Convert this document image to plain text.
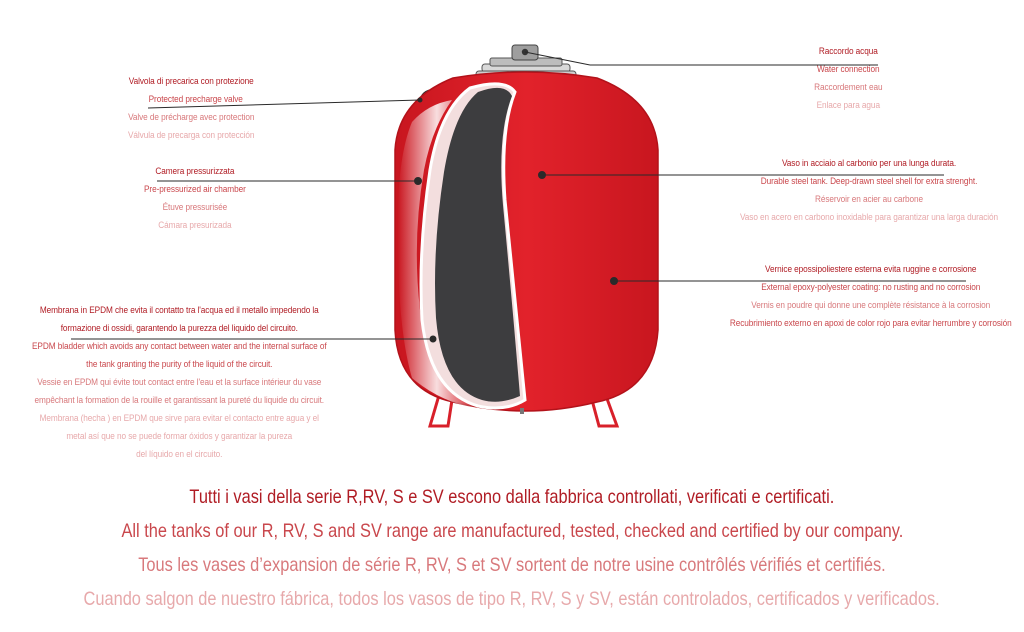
Valvola di precarica con protezione
Protected precharge valve
Valve de précharge avec protection
Válvula de precarga con protección
Raccordo acqua
Water connection
Raccordement eau
Enlace para agua
Camera pressurizzata
Pre-pressurized air chamber
Étuve pressurisée
Cámara presurizada
Vaso in acciaio al carbonio per una lunga durata.
Durable steel tank. Deep-drawn steel shell for extra strenght.
Réservoir en acier au carbone
Vaso en acero en carbono inoxidable para garantizar una larga duración
Vernice epossipoliestere esterna evita ruggine e corrosione
External epoxy-polyester coating: no rusting and no corrosion
Vernis en poudre qui donne une complète résistance à la corrosion
Recubrimiento externo en apoxi de color rojo para evitar herrumbre y corrosión
Membrana in EPDM che evita il contatto tra l'acqua ed il metallo impedendo la
formazione di ossidi, garantendo la purezza del liquido del circuito.
EPDM bladder which avoids any contact between water and the internal surface of
the tank granting the purity of the liquid of the circuit.
Vessie en EPDM qui évite tout contact entre l'eau et la surface intérieur du vase
empêchant la formation de la rouille et garantissant la pureté du liquide du circuit.
Membrana (hecha ) en EPDM que sirve para evitar el contacto entre agua y el
metal así que no se puede formar óxidos y garantizar la pureza
del líquido en el circuito.
Tutti i vasi della serie R,RV, S e SV escono dalla fabbrica controllati, verificati e certificati.
All the tanks of our R, RV, S and SV range are manufactured, tested, checked and certified by our company.
Tous les vases d’expansion de série R, RV, S et SV sortent de notre usine contrôlés vérifiés et certifiés.
Cuando salgon de nuestro fábrica, todos los vasos de tipo R, RV, S y SV, están controlados, certificados y verificados.
